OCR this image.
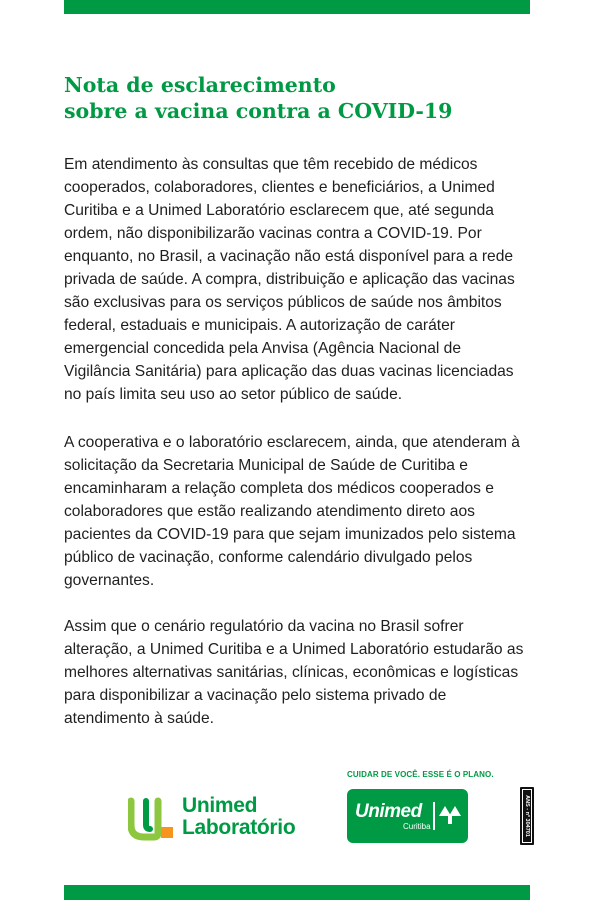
Nota de esclarecimento
sobre a vacina contra a COVID-19
Em atendimento às consultas que têm recebido de médicos
cooperados, colaboradores, clientes e beneficiários, a Unimed
Curitiba e a Unimed Laboratório esclarecem que, até segunda
ordem, não disponibilizarão vacinas contra a COVID-19. Por
enquanto, no Brasil, a vacinação não está disponível para a rede
privada de saúde. A compra, distribuição e aplicação das vacinas
são exclusivas para os serviços públicos de saúde nos âmbitos
federal, estaduais e municipais. A autorização de caráter
emergencial concedida pela Anvisa (Agência Nacional de
Vigilância Sanitária) para aplicação das duas vacinas licenciadas
no país limita seu uso ao setor público de saúde.
A cooperativa e o laboratório esclarecem, ainda, que atenderam à
solicitação da Secretaria Municipal de Saúde de Curitiba e
encaminharam a relação completa dos médicos cooperados e
colaboradores que estão realizando atendimento direto aos
pacientes da COVID-19 para que sejam imunizados pelo sistema
público de vacinação, conforme calendário divulgado pelos
governantes.
Assim que o cenário regulatório da vacina no Brasil sofrer
alteração, a Unimed Curitiba e a Unimed Laboratório estudarão as
melhores alternativas sanitárias, clínicas, econômicas e logísticas
para disponibilizar a vacinação pelo sistema privado de
atendimento à saúde.
Unimed
Laboratório
CUIDAR DE VOCÊ. ESSE É O PLANO.
Unimed
Curitiba	ANS - nº 304701
